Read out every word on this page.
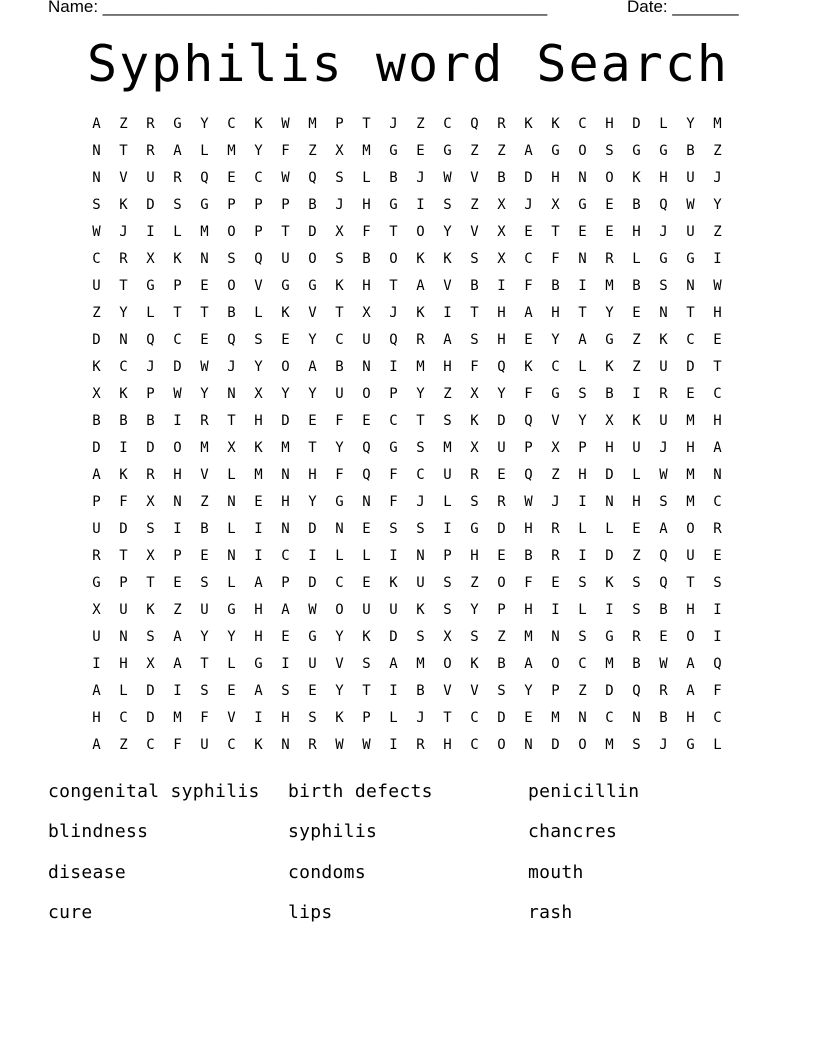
Name: _______________________________________________	Date: _______
Syphilis word Search
A	Z	R	G	Y	C	K	W	M	P	T	J	Z	C	Q	R	K	K	C	H	D	L	Y	M
N	T	R	A	L	M	Y	F	Z	X	M	G	E	G	Z	Z	A	G	O	S	G	G	B	Z
N	V	U	R	Q	E	C	W	Q	S	L	B	J	W	V	B	D	H	N	O	K	H	U	J
S	K	D	S	G	P	P	P	B	J	H	G	I	S	Z	X	J	X	G	E	B	Q	W	Y
W	J	I	L	M	O	P	T	D	X	F	T	O	Y	V	X	E	T	E	E	H	J	U	Z
C	R	X	K	N	S	Q	U	O	S	B	O	K	K	S	X	C	F	N	R	L	G	G	I
U	T	G	P	E	O	V	G	G	K	H	T	A	V	B	I	F	B	I	M	B	S	N	W
Z	Y	L	T	T	B	L	K	V	T	X	J	K	I	T	H	A	H	T	Y	E	N	T	H
D	N	Q	C	E	Q	S	E	Y	C	U	Q	R	A	S	H	E	Y	A	G	Z	K	C	E
K	C	J	D	W	J	Y	O	A	B	N	I	M	H	F	Q	K	C	L	K	Z	U	D	T
X	K	P	W	Y	N	X	Y	Y	U	O	P	Y	Z	X	Y	F	G	S	B	I	R	E	C
B	B	B	I	R	T	H	D	E	F	E	C	T	S	K	D	Q	V	Y	X	K	U	M	H
D	I	D	O	M	X	K	M	T	Y	Q	G	S	M	X	U	P	X	P	H	U	J	H	A
A	K	R	H	V	L	M	N	H	F	Q	F	C	U	R	E	Q	Z	H	D	L	W	M	N
P	F	X	N	Z	N	E	H	Y	G	N	F	J	L	S	R	W	J	I	N	H	S	M	C
U	D	S	I	B	L	I	N	D	N	E	S	S	I	G	D	H	R	L	L	E	A	O	R
R	T	X	P	E	N	I	C	I	L	L	I	N	P	H	E	B	R	I	D	Z	Q	U	E
G	P	T	E	S	L	A	P	D	C	E	K	U	S	Z	O	F	E	S	K	S	Q	T	S
X	U	K	Z	U	G	H	A	W	O	U	U	K	S	Y	P	H	I	L	I	S	B	H	I
U	N	S	A	Y	Y	H	E	G	Y	K	D	S	X	S	Z	M	N	S	G	R	E	O	I
I	H	X	A	T	L	G	I	U	V	S	A	M	O	K	B	A	O	C	M	B	W	A	Q
A	L	D	I	S	E	A	S	E	Y	T	I	B	V	V	S	Y	P	Z	D	Q	R	A	F
H	C	D	M	F	V	I	H	S	K	P	L	J	T	C	D	E	M	N	C	N	B	H	C
A	Z	C	F	U	C	K	N	R	W	W	I	R	H	C	O	N	D	O	M	S	J	G	L
congenital syphilis	birth defects	penicillin
blindness	syphilis	chancres
disease	condoms	mouth
cure	lips	rash
